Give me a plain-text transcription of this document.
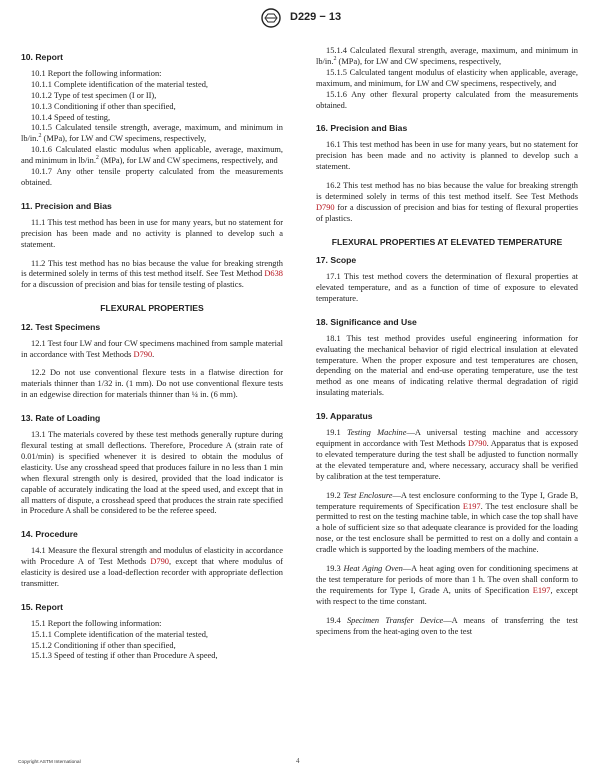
D229 − 13
10. Report

10.1 Report the following information:

10.1.1 Complete identification of the material tested,

10.1.2 Type of test specimen (I or II),

10.1.3 Conditioning if other than specified,

10.1.4 Speed of testing,

10.1.5 Calculated tensile strength, average, maximum, and minimum in lb/in.$^2$ (MPa), for LW and CW specimens, respectively,

10.1.6 Calculated elastic modulus when applicable, average, maximum, and minimum in lb/in.$^2$ (MPa), for LW and CW specimens, respectively, and

10.1.7 Any other tensile property calculated from the measurements obtained.

11. Precision and Bias

11.1 This test method has been in use for many years, but no statement for precision has been made and no activity is planned to develop such a statement.

11.2 This test method has no bias because the value for breaking strength is determined solely in terms of this test method itself. See Test Method D638 for a discussion of precision and bias for tensile testing of plastics.

FLEXURAL PROPERTIES
12. Test Specimens

12.1 Test four LW and four CW specimens machined from sample material in accordance with Test Methods D790.

12.2 Do not use conventional flexure tests in a flatwise direction for materials thinner than 1/32 in. (1 mm). Do not use conventional flexure tests in an edgewise direction for materials thinner than ¼ in. (6 mm).

13. Rate of Loading

13.1 The materials covered by these test methods generally rupture during flexural testing at small deflections. Therefore, Procedure A (strain rate of 0.01/min) is specified whenever it is desired to obtain the modulus of elasticity. Use any crosshead speed that produces failure in no less than 1 min when flexural strength only is desired, provided that the load indicator is capable of accurately indicating the load at the speed used, and except that in all matters of dispute, a crosshead speed that produces the strain rate specified in Procedure A shall be considered to be the referee speed.

14. Procedure

14.1 Measure the flexural strength and modulus of elasticity in accordance with Procedure A of Test Methods D790, except that where modulus of elasticity is desired use a load-deflection recorder with appropriate deflection transmitter.

15. Report

15.1 Report the following information:

15.1.1 Complete identification of the material tested,

15.1.2 Conditioning if other than specified,

15.1.3 Speed of testing if other than Procedure A speed,

15.1.4 Calculated flexural strength, average, maximum, and minimum in lb/in.$^2$ (MPa), for LW and CW specimens, respectively,

15.1.5 Calculated tangent modulus of elasticity when applicable, average, maximum, and minimum, for LW and CW specimens, respectively, and

15.1.6 Any other flexural property calculated from the measurements obtained.

16. Precision and Bias

16.1 This test method has been in use for many years, but no statement for precision has been made and no activity is planned to develop such a statement.

16.2 This test method has no bias because the value for breaking strength is determined solely in terms of this test method itself. See Test Methods D790 for a discussion of precision and bias for testing of flexural properties of plastics.

FLEXURAL PROPERTIES AT ELEVATED TEMPERATURE
17. Scope

17.1 This test method covers the determination of flexural properties at elevated temperature, and as a function of time of exposure to elevated temperature.

18. Significance and Use

18.1 This test method provides useful engineering information for evaluating the mechanical behavior of rigid electrical insulation at elevated temperature. When the proper exposure and test temperatures are chosen, depending on the material and end-use operating temperature, use the test method as one means of indicating relative thermal degradation of rigid insulating materials.

19. Apparatus

19.1 Testing Machine—A universal testing machine and accessory equipment in accordance with Test Methods D790. Apparatus that is exposed to elevated temperature during the test shall be adjusted to function normally at the elevated temperature and, where necessary, accuracy shall be verified by calibration at the test temperature.

19.2 Test Enclosure—A test enclosure conforming to the Type I, Grade B, temperature requirements of Specification E197. The test enclosure shall be permitted to rest on the testing machine table, in which case the top shall have a hole of sufficient size so that adequate clearance is provided for the loading nose, or the test enclosure shall be permitted to rest on a dolly and contain a cradle which is supported by the loading members of the machine.

19.3 Heat Aging Oven—A heat aging oven for conditioning specimens at the test temperature for periods of more than 1 h. The oven shall conform to the requirements for Type I, Grade A, units of Specification E197, except with respect to the time constant.

19.4 Specimen Transfer Device—A means of transferring the test specimens from the heat-aging oven to the test

Copyright ASTM International	4
